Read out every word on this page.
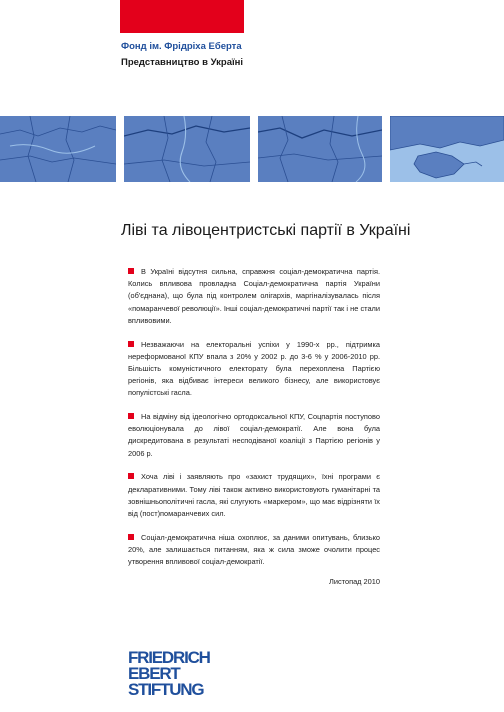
Фонд ім. Фрідріха Еберта
Представництво в Україні
Ліві та лівоцентристські партії в Україні

В Україні відсутня сильна, справжня соціал-демократична партія. Колись впливова провладна Соціал-демократична партія України (об'єднана), що була під контролем олігархів, маргіналізувалась після «помаранчевої революції». Інші соціал-демократичні партії так і не стали впливовими.

Незважаючи на електоральні успіхи у 1990-х рр., підтримка нереформованої КПУ впала з 20% у 2002 р. до 3-6 % у 2006-2010 рр. Більшість комуністичного електорату була перехоплена Партією регіонів, яка відбиває інтереси великого бізнесу, але використовує популістські гасла.

На відміну від ідеологічно ортодоксальної КПУ, Соцпартія поступово еволюціонувала до лівої соціал-демократії. Але вона була дискредитована в результаті несподіваної коаліції з Партією регіонів у 2006 р.

Хоча ліві і заявляють про «захист трудящих», їхні програми є декларативними. Тому ліві також активно використовують гуманітарні та зовнішньополітичні гасла, які слугують «маркером», що має відрізняти їх від (пост)помаранчевих сил.

Соціал-демократична ніша охоплює, за даними опитувань, близько 20%, але залишається питанням, яка ж сила зможе очолити процес утворення впливової соціал-демократії.

Листопад 2010
FRIEDRICH
EBERT
STIFTUNG
